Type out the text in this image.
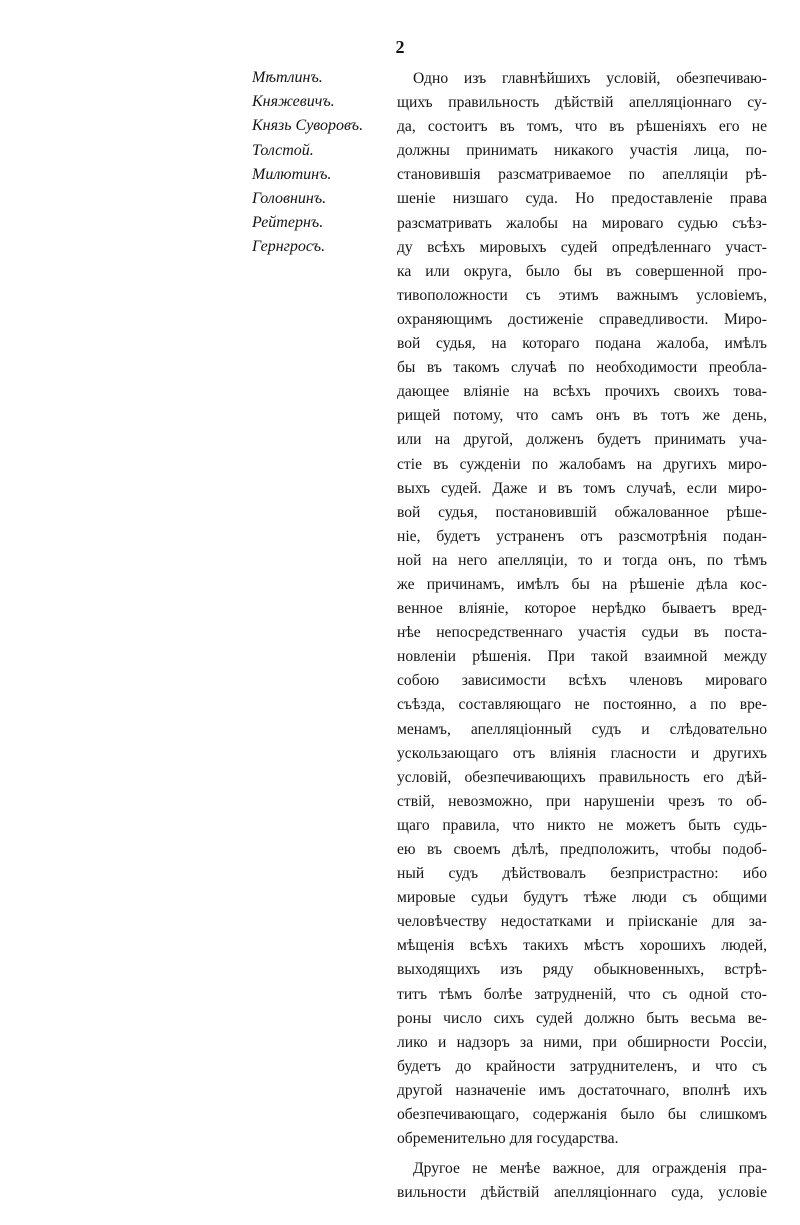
2
Мѣтлинъ.
Княжевичъ.
Князь Суворовъ.
Толстой.
Милютинъ.
Головнинъ.
Рейтернъ.
Гернгросъ.
Одно изъ главнѣйшихъ условій, обезпечиваю-
щихъ правильность дѣйствій апелляціоннаго су-
да, состоитъ въ томъ, что въ рѣшеніяхъ его не
должны принимать никакого участія лица, по-
становившія разсматриваемое по апелляціи рѣ-
шеніе низшаго суда. Но предоставленіе права
разсматривать жалобы на мироваго судью съѣз-
ду всѣхъ мировыхъ судей опредѣленнаго участ-
ка или округа, было бы въ совершенной про-
тивоположности съ этимъ важнымъ условіемъ,
охраняющимъ достиженіе справедливости. Миро-
вой судья, на котораго подана жалоба, имѣлъ
бы въ такомъ случаѣ по необходимости преобла-
дающее вліяніе на всѣхъ прочихъ своихъ това-
рищей потому, что самъ онъ въ тотъ же день,
или на другой, долженъ будетъ принимать уча-
стіе въ сужденіи по жалобамъ на другихъ миро-
выхъ судей. Даже и въ томъ случаѣ, если миро-
вой судья, постановившій обжалованное рѣше-
ніе, будетъ устраненъ отъ разсмотрѣнія подан-
ной на него апелляціи, то и тогда онъ, по тѣмъ
же причинамъ, имѣлъ бы на рѣшеніе дѣла кос-
венное вліяніе, которое нерѣдко бываетъ вред-
нѣе непосредственнаго участія судьи въ поста-
новленіи рѣшенія. При такой взаимной между
собою зависимости всѣхъ членовъ мироваго
съѣзда, составляющаго не постоянно, а по вре-
менамъ, апелляціонный судъ и слѣдовательно
ускользающаго отъ вліянія гласности и другихъ
условій, обезпечивающихъ правильность его дѣй-
ствій, невозможно, при нарушеніи чрезъ то об-
щаго правила, что никто не можетъ быть судь-
ею въ своемъ дѣлѣ, предположить, чтобы подоб-
ный судъ дѣйствовалъ безпристрастно: ибо
мировые судьи будутъ тѣже люди съ общими
человѣчеству недостатками и пріисканіе для за-
мѣщенія всѣхъ такихъ мѣстъ хорошихъ людей,
выходящихъ изъ ряду обыкновенныхъ, встрѣ-
титъ тѣмъ болѣе затрудненій, что съ одной сто-
роны число сихъ судей должно быть весьма ве-
лико и надзоръ за ними, при обширности Россіи,
будетъ до крайности затруднителенъ, и что съ
другой назначеніе имъ достаточнаго, вполнѣ ихъ
обезпечивающаго, содержанія было бы слишкомъ
обременительно для государства.
Другое не менѣе важное, для огражденія пра-
вильности дѣйствій апелляціоннаго суда, условіе
